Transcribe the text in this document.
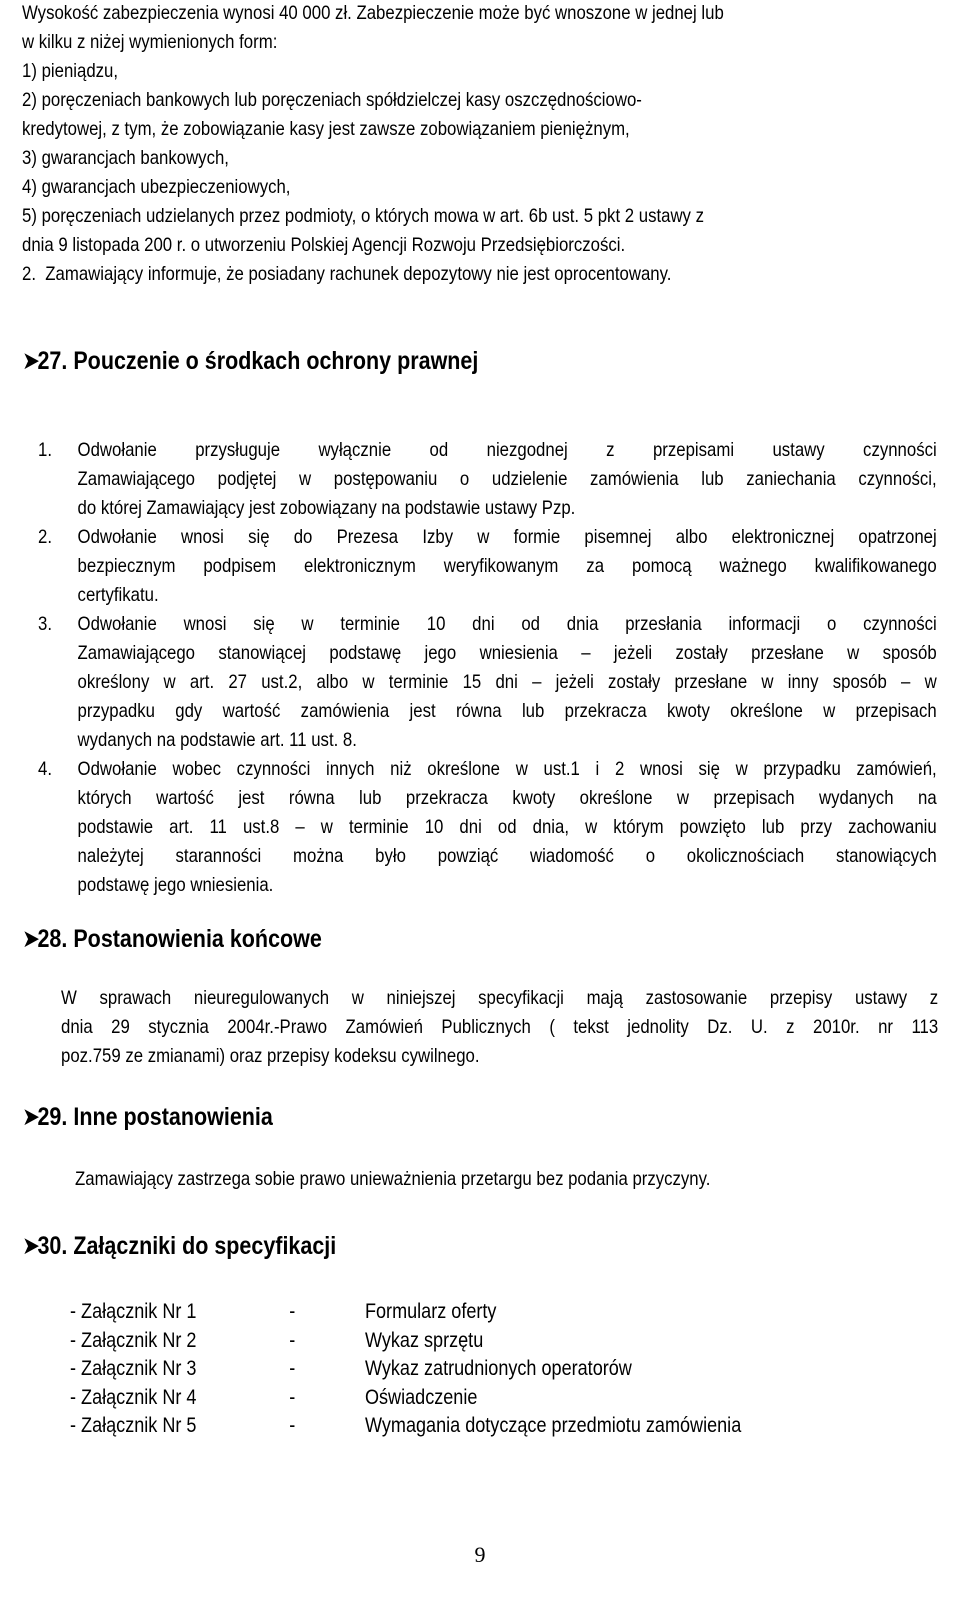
Wysokość zabezpieczenia wynosi 40 000 zł. Zabezpieczenie może być wnoszone w jednej lub
w kilku z niżej wymienionych form:
1) pieniądzu,
2) poręczeniach bankowych lub poręczeniach spółdzielczej kasy oszczędnościowo-
kredytowej, z tym, że zobowiązanie kasy jest zawsze zobowiązaniem pieniężnym,
3) gwarancjach bankowych,
4) gwarancjach ubezpieczeniowych,
5) poręczeniach udzielanych przez podmioty, o których mowa w art. 6b ust. 5 pkt 2 ustawy z
dnia 9 listopada 200 r. o utworzeniu Polskiej Agencji Rozwoju Przedsiębiorczości.
2.  Zamawiający informuje, że posiadany rachunek depozytowy nie jest oprocentowany.
➤27. Pouczenie o środkach ochrony prawnej
1.	Odwołanie przysługuje wyłącznie od niezgodnej z przepisami ustawy czynności
Zamawiającego podjętej w postępowaniu o udzielenie zamówienia lub zaniechania czynności,
do której Zamawiający jest zobowiązany na podstawie ustawy Pzp.
2.	Odwołanie wnosi się do Prezesa Izby w formie pisemnej albo elektronicznej opatrzonej
bezpiecznym podpisem elektronicznym weryfikowanym za pomocą ważnego kwalifikowanego
certyfikatu.
3.	Odwołanie wnosi się w terminie 10 dni od dnia przesłania informacji o czynności
Zamawiającego stanowiącej podstawę jego wniesienia – jeżeli zostały przesłane w sposób
określony w art. 27 ust.2, albo w terminie 15 dni – jeżeli zostały przesłane w inny sposób – w
przypadku gdy wartość zamówienia jest równa lub przekracza kwoty określone w przepisach
wydanych na podstawie art. 11 ust. 8.
4.	Odwołanie wobec czynności innych niż określone w ust.1 i 2 wnosi się w przypadku zamówień,
których wartość jest równa lub przekracza kwoty określone w przepisach wydanych na
podstawie art. 11 ust.8 – w terminie 10 dni od dnia, w którym powzięto lub przy zachowaniu
należytej staranności można było powziąć wiadomość o okolicznościach stanowiących
podstawę jego wniesienia.
➤28. Postanowienia końcowe
W sprawach nieuregulowanych w niniejszej specyfikacji mają zastosowanie przepisy ustawy z
dnia 29 stycznia 2004r.-Prawo Zamówień Publicznych ( tekst jednolity Dz. U. z 2010r. nr 113
poz.759 ze zmianami) oraz przepisy kodeksu cywilnego.
➤29. Inne postanowienia
Zamawiający zastrzega sobie prawo unieważnienia przetargu bez podania przyczyny.
➤30. Załączniki do specyfikacji
- Załącznik Nr 1	-	Formularz oferty
- Załącznik Nr 2	-	Wykaz sprzętu
- Załącznik Nr 3	-	Wykaz zatrudnionych operatorów
- Załącznik Nr 4	-	Oświadczenie
- Załącznik Nr 5	-	Wymagania dotyczące przedmiotu zamówienia
9
